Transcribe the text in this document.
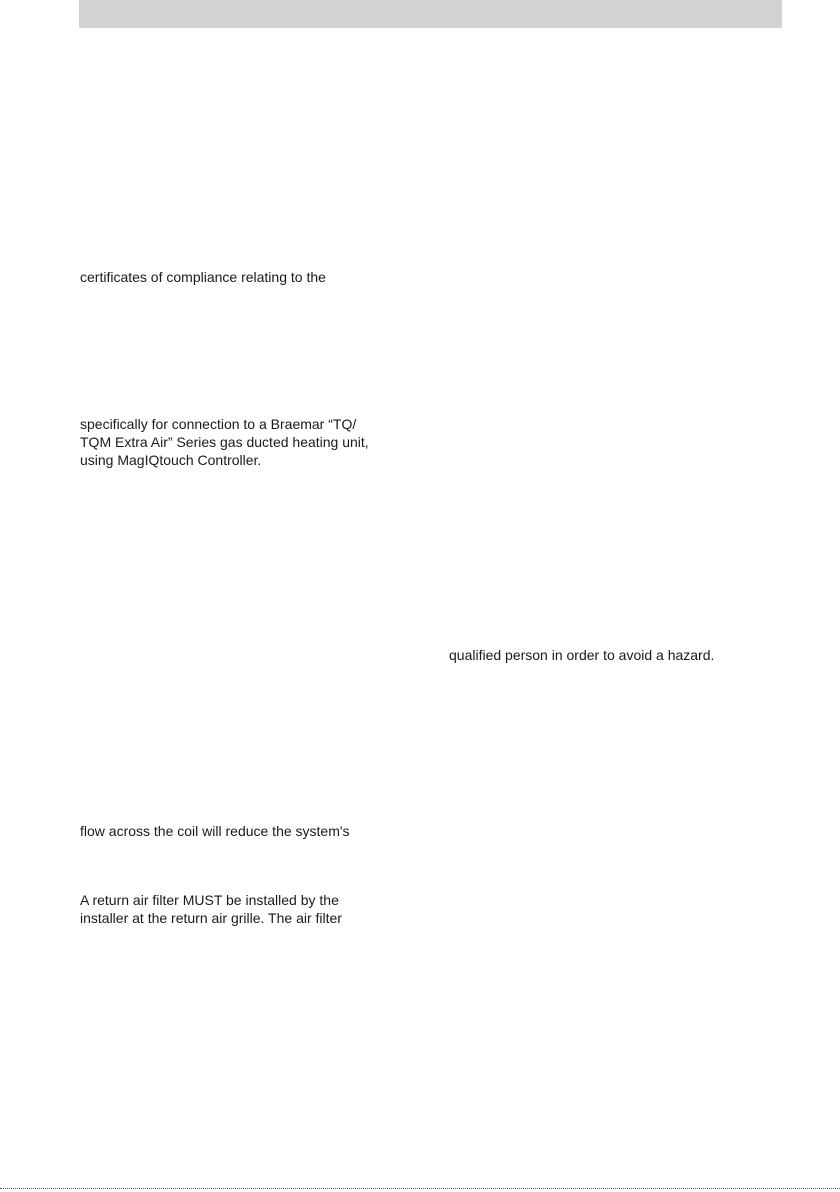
certificates of compliance relating to the
specifically for connection to a Braemar “TQ/
TQM Extra Air” Series gas ducted heating unit,
using MagIQtouch Controller.
qualified person in order to avoid a hazard.
flow across the coil will reduce the system's
A return air filter MUST be installed by the
installer at the return air grille. The air filter
